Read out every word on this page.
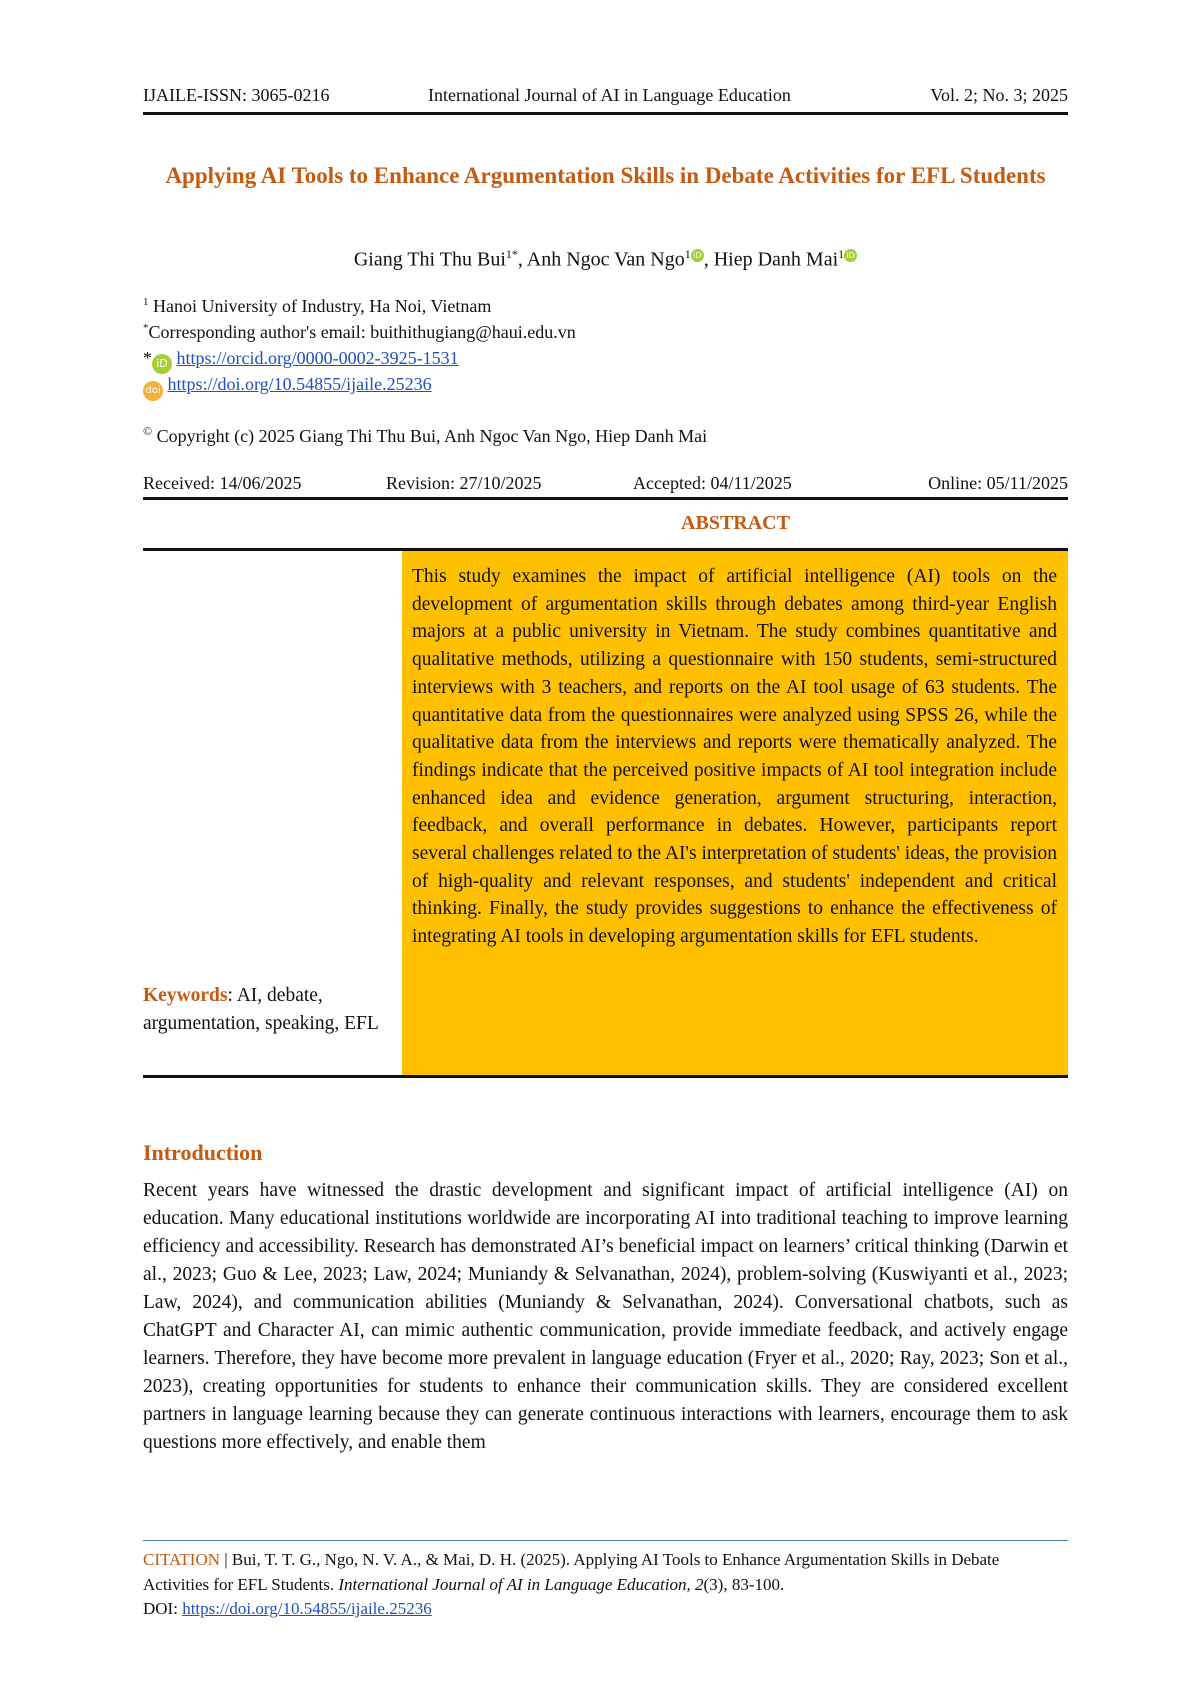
IJAILE-ISSN: 3065-0216	International Journal of AI in Language Education	Vol. 2; No. 3; 2025
Applying AI Tools to Enhance Argumentation Skills in Debate Activities for EFL Students
Giang Thi Thu Bui$^{1*}$, Anh Ngoc Van Ngo$^1$ iD , Hiep Danh Mai$^1$ iD
$^1$ Hanoi University of Industry, Ha Noi, Vietnam
*Corresponding author's email: buithithugiang@haui.edu.vn
* iD https://orcid.org/0000-0002-3925-1531
doi https://doi.org/10.54855/ijaile.25236
© Copyright (c) 2025 Giang Thi Thu Bui, Anh Ngoc Van Ngo, Hiep Danh Mai
Received: 14/06/2025	Revision: 27/10/2025	Accepted: 04/11/2025	Online: 05/11/2025
ABSTRACT
Keywords: AI, debate, argumentation, speaking, EFL
This study examines the impact of artificial intelligence (AI) tools on the development of argumentation skills through debates among third-year English majors at a public university in Vietnam. The study combines quantitative and qualitative methods, utilizing a questionnaire with 150 students, semi-structured interviews with 3 teachers, and reports on the AI tool usage of 63 students. The quantitative data from the questionnaires were analyzed using SPSS 26, while the qualitative data from the interviews and reports were thematically analyzed. The findings indicate that the perceived positive impacts of AI tool integration include enhanced idea and evidence generation, argument structuring, interaction, feedback, and overall performance in debates. However, participants report several challenges related to the AI's interpretation of students' ideas, the provision of high-quality and relevant responses, and students' independent and critical thinking. Finally, the study provides suggestions to enhance the effectiveness of integrating AI tools in developing argumentation skills for EFL students.
Introduction
Recent years have witnessed the drastic development and significant impact of artificial intelligence (AI) on education. Many educational institutions worldwide are incorporating AI into traditional teaching to improve learning efficiency and accessibility. Research has demonstrated AI’s beneficial impact on learners’ critical thinking (Darwin et al., 2023; Guo & Lee, 2023; Law, 2024; Muniandy & Selvanathan, 2024), problem-solving (Kuswiyanti et al., 2023; Law, 2024), and communication abilities (Muniandy & Selvanathan, 2024). Conversational chatbots, such as ChatGPT and Character AI, can mimic authentic communication, provide immediate feedback, and actively engage learners. Therefore, they have become more prevalent in language education (Fryer et al., 2020; Ray, 2023; Son et al., 2023), creating opportunities for students to enhance their communication skills. They are considered excellent partners in language learning because they can generate continuous interactions with learners, encourage them to ask questions more effectively, and enable them
CITATION | Bui, T. T. G., Ngo, N. V. A., & Mai, D. H. (2025). Applying AI Tools to Enhance Argumentation Skills in Debate Activities for EFL Students. International Journal of AI in Language Education, 2(3), 83-100.
DOI: https://doi.org/10.54855/ijaile.25236
